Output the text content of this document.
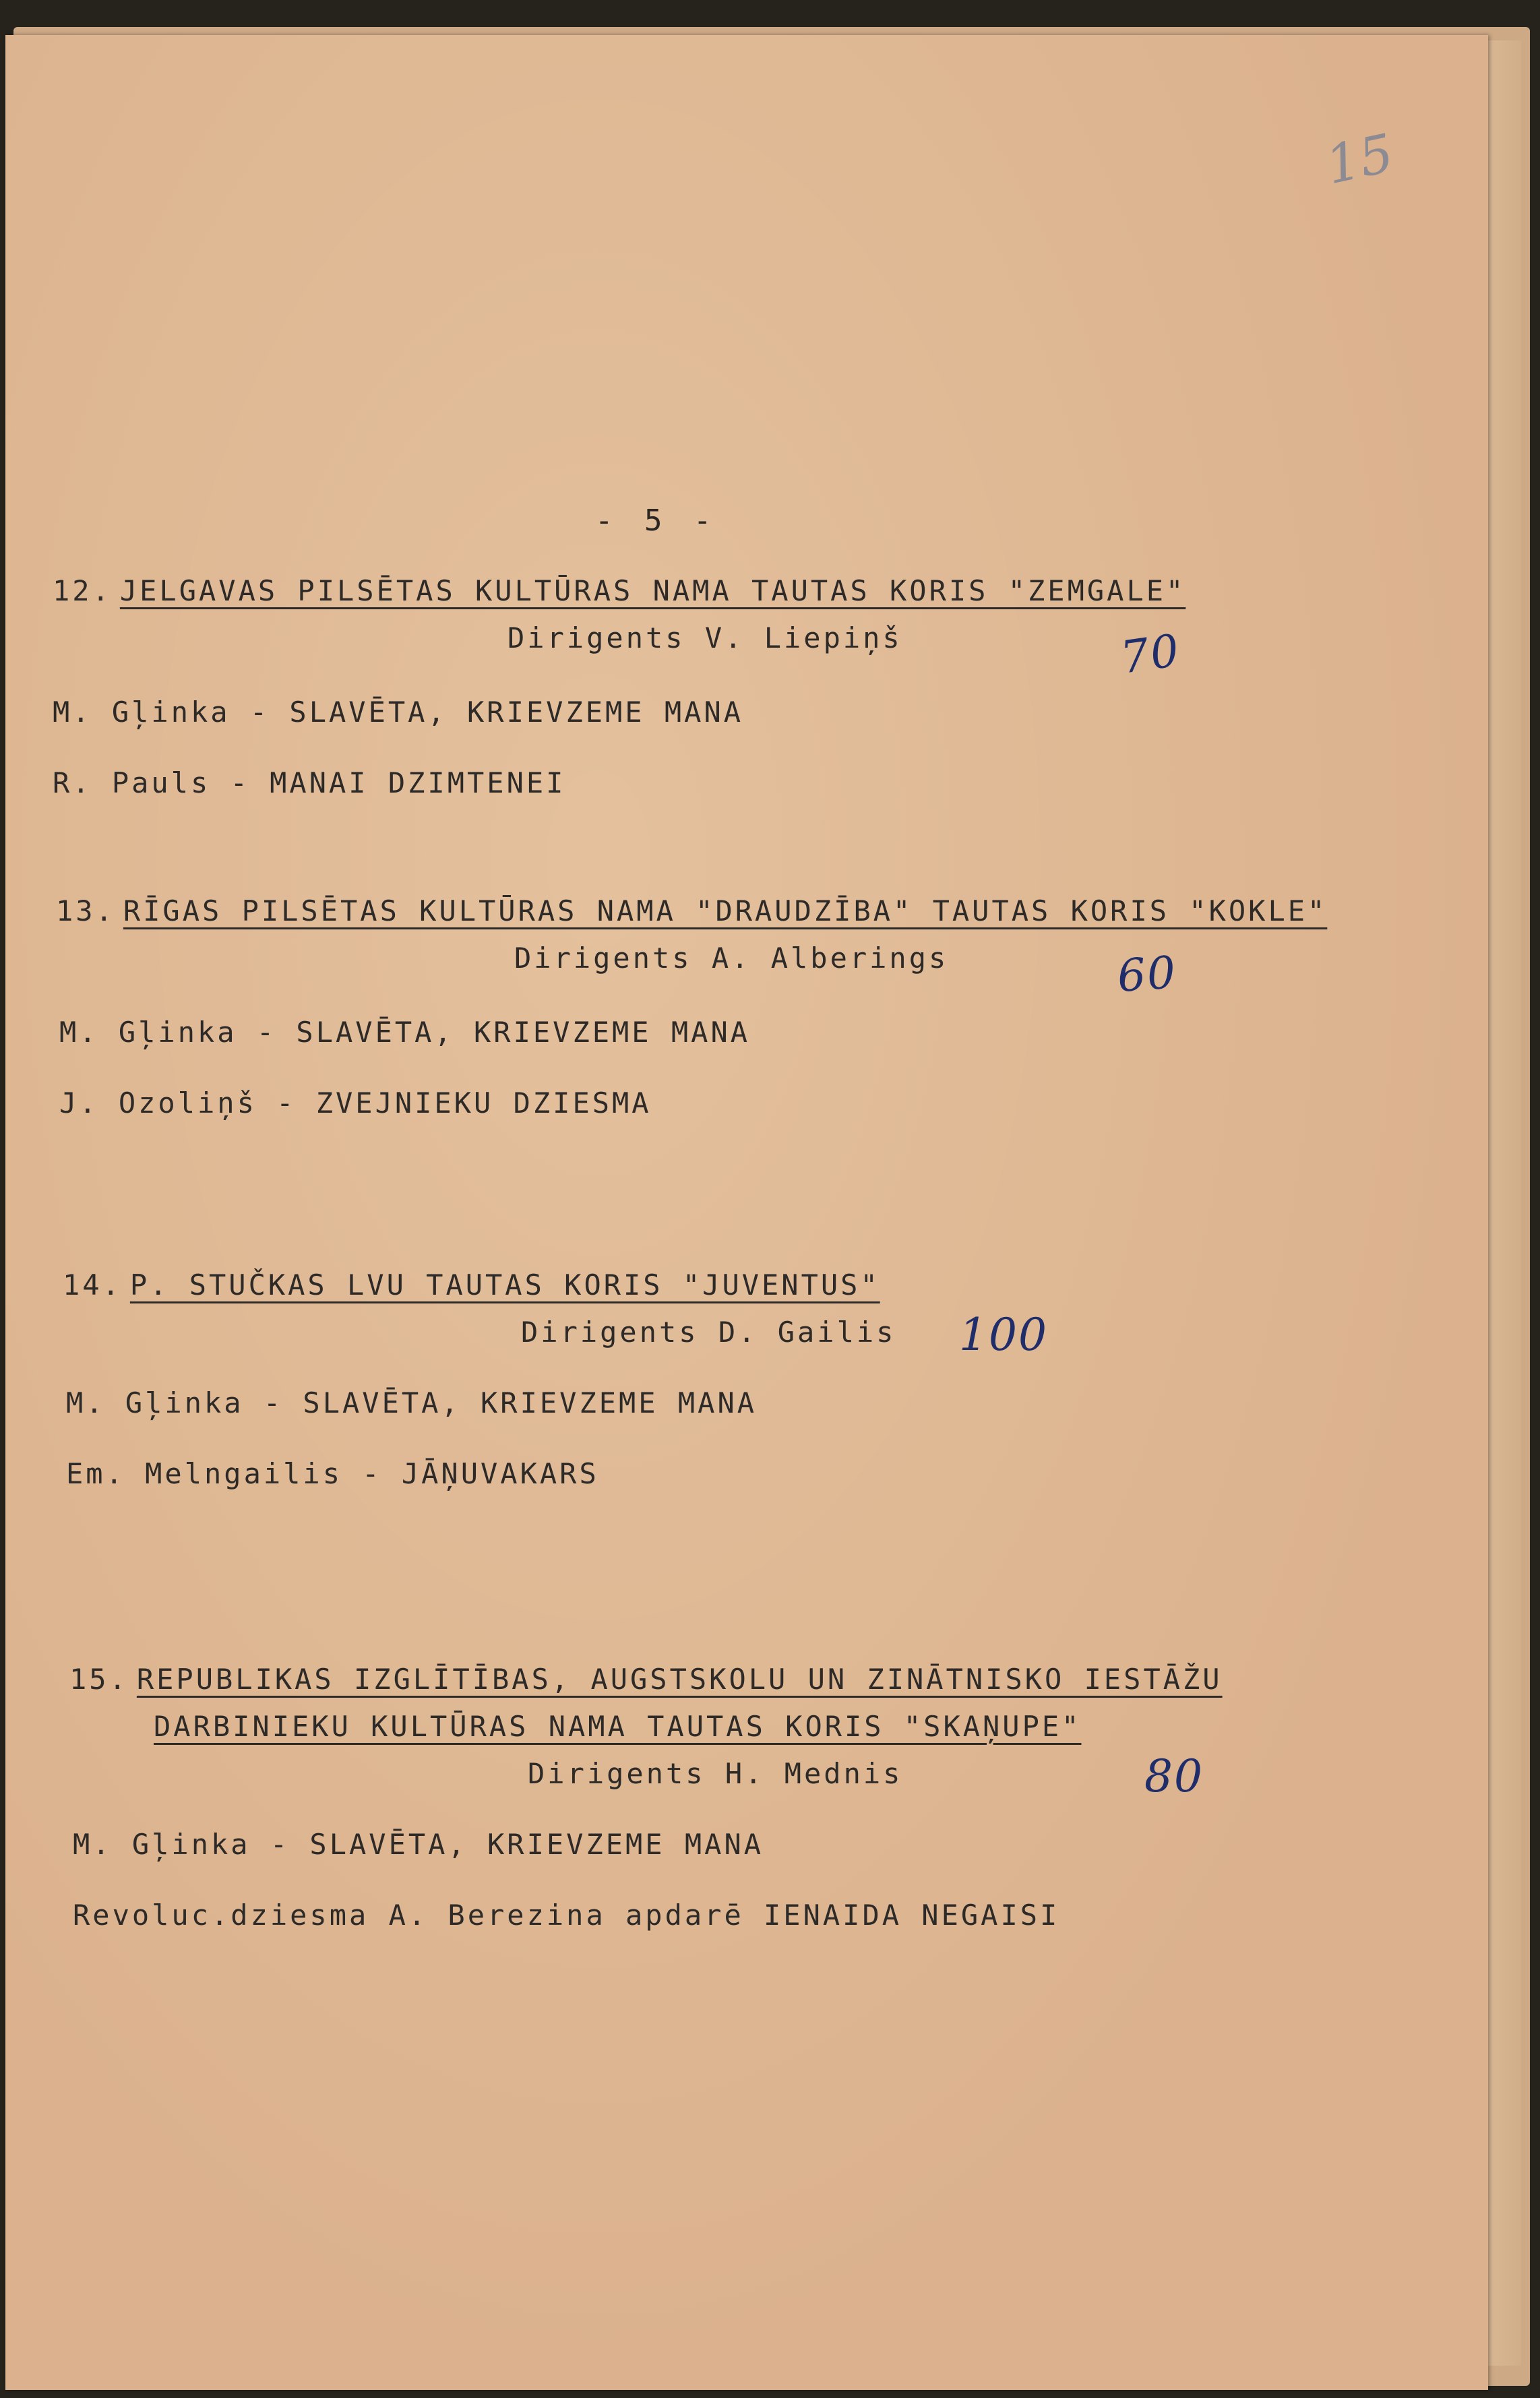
15
- 5 -
12. JELGAVAS PILSĒTAS KULTŪRAS NAMA TAUTAS KORIS "ZEMGALE"
Dirigents V. Liepiņš	70
M. Gļinka - SLAVĒTA, KRIEVZEME MANA
R. Pauls - MANAI DZIMTENEI
13. RĪGAS PILSĒTAS KULTŪRAS NAMA "DRAUDZĪBA" TAUTAS KORIS "KOKLE"
Dirigents A. Alberings	60
M. Gļinka - SLAVĒTA, KRIEVZEME MANA
J. Ozoliņš - ZVEJNIEKU DZIESMA
14. P. STUČKAS LVU TAUTAS KORIS "JUVENTUS"
Dirigents D. Gailis 100
M. Gļinka - SLAVĒTA, KRIEVZEME MANA
Em. Melngailis - JĀŅUVAKARS
15. REPUBLIKAS IZGLĪTĪBAS, AUGSTSKOLU UN ZINĀTNISKO IESTĀŽU
DARBINIEKU KULTŪRAS NAMA TAUTAS KORIS "SKAŅUPE"
Dirigents H. Mednis	80
M. Gļinka - SLAVĒTA, KRIEVZEME MANA
Revoluc.dziesma A. Berezina apdarē IENAIDA NEGAISI
